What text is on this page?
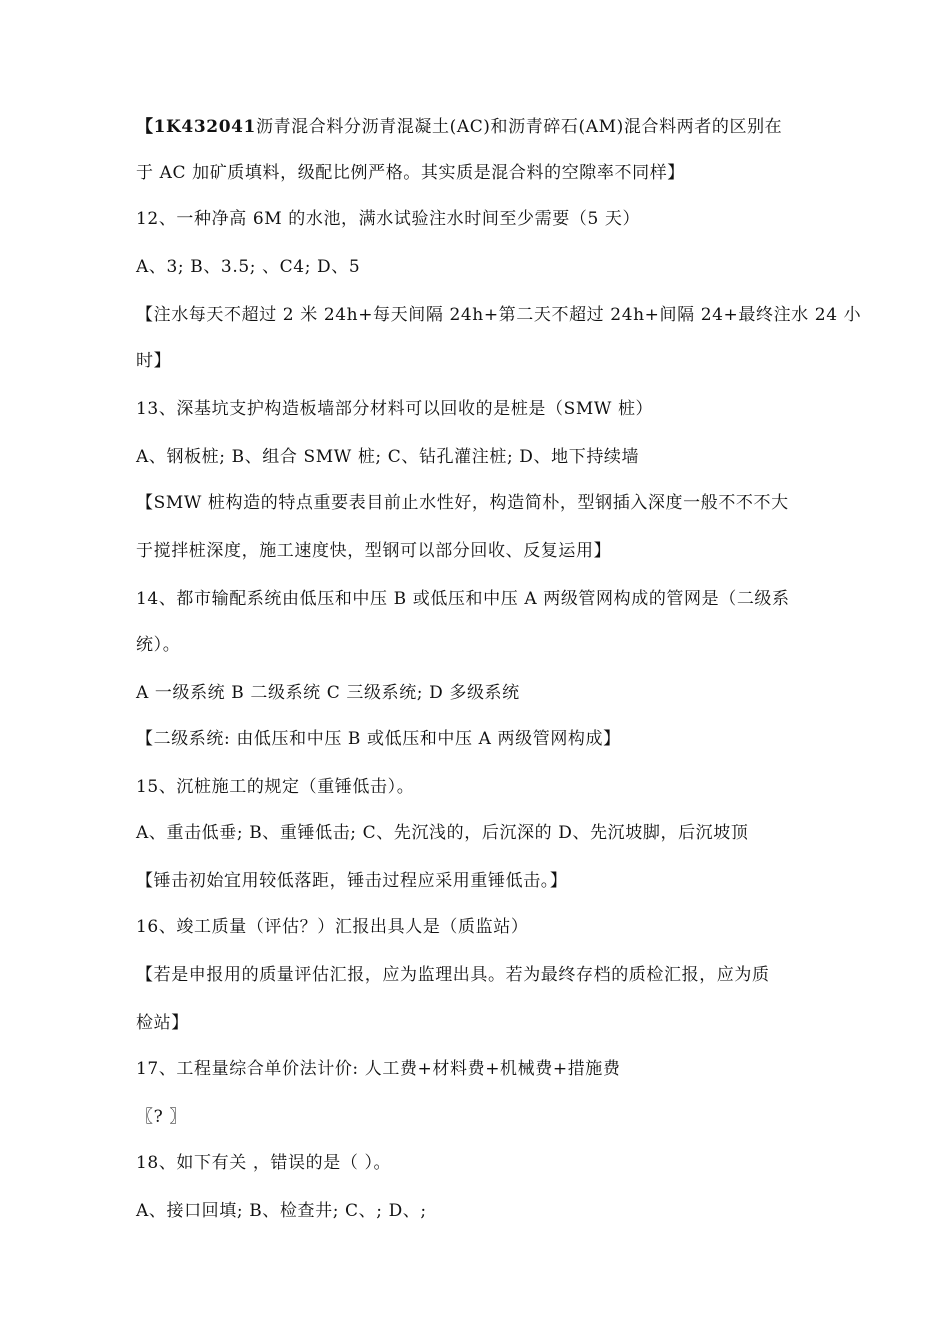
【1K432041沥青混合料分沥青混凝土(AC)和沥青碎石(AM)混合料两者的区别在
于 AC 加矿质填料，级配比例严格。其实质是混合料的空隙率不同样】
12、一种净高 6M 的水池，满水试验注水时间至少需要（5 天）
A、3; B、3.5; 、C4; D、5
【注水每天不超过 2 米 24h+每天间隔 24h+第二天不超过 24h+间隔 24+最终注水 24 小
时】
13、深基坑支护构造板墙部分材料可以回收的是桩是（SMW 桩）
A、钢板桩; B、组合 SMW 桩; C、钻孔灌注桩; D、地下持续墙
【SMW 桩构造的特点重要表目前止水性好，构造简朴，型钢插入深度一般不不不大
于搅拌桩深度，施工速度快，型钢可以部分回收、反复运用】
14、都市输配系统由低压和中压 B 或低压和中压 A 两级管网构成的管网是（二级系
统）。
A 一级系统 B 二级系统 C 三级系统; D 多级系统
【二级系统: 由低压和中压 B 或低压和中压 A 两级管网构成】
15、沉桩施工的规定（重锤低击）。
A、重击低垂; B、重锤低击; C、先沉浅的，后沉深的 D、先沉坡脚，后沉坡顶
【锤击初始宜用较低落距，锤击过程应采用重锤低击。】
16、竣工质量（评估？）汇报出具人是（质监站）
【若是申报用的质量评估汇报，应为监理出具。若为最终存档的质检汇报，应为质
检站】
17、工程量综合单价法计价: 人工费+材料费+机械费+措施费
〖? 〗
18、如下有关 ，错误的是（ ）。
A、接口回填; B、检查井; C、; D、;
